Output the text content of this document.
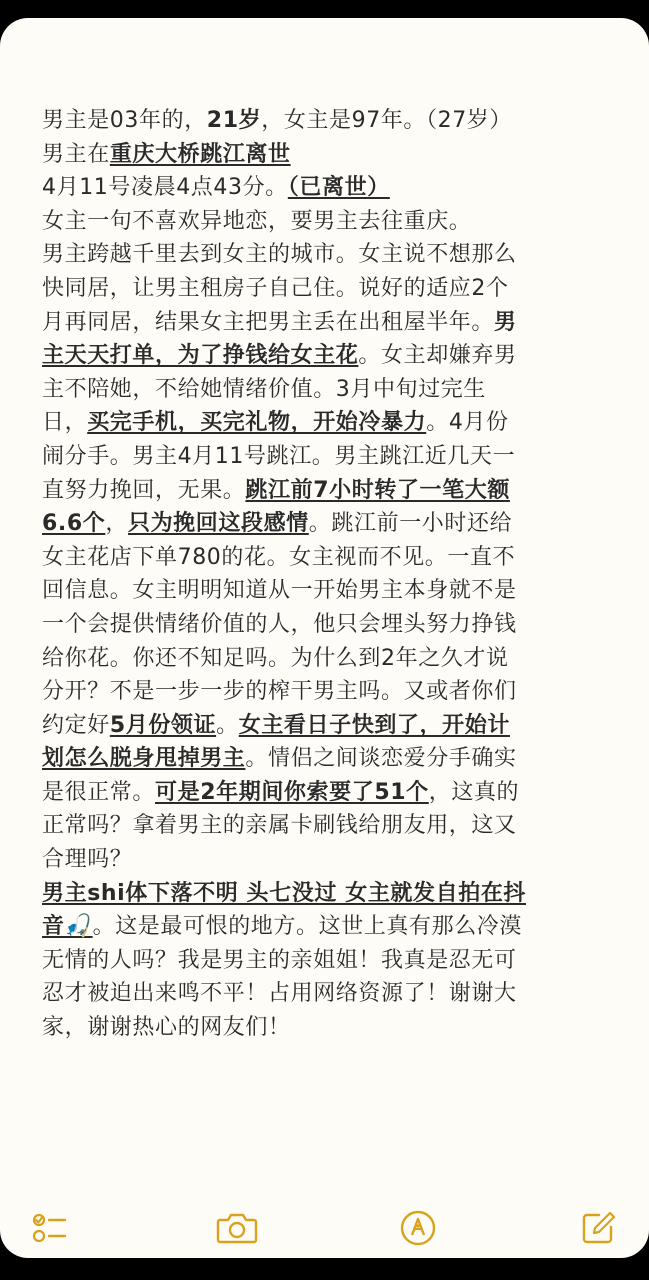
男主是03年的，21岁，女主是97年。（27岁）
男主在重庆大桥跳江离世
4月11号凌晨4点43分。（已离世）
女主一句不喜欢异地恋，要男主去往重庆。
男主跨越千里去到女主的城市。女主说不想那么
快同居，让男主租房子自己住。说好的适应2个
月再同居，结果女主把男主丢在出租屋半年。男
主天天打单，为了挣钱给女主花。女主却嫌弃男
主不陪她，不给她情绪价值。3月中旬过完生
日，买完手机，买完礼物，开始冷暴力。4月份
闹分手。男主4月11号跳江。男主跳江近几天一
直努力挽回，无果。跳江前7小时转了一笔大额
6.6个，只为挽回这段感情。跳江前一小时还给
女主花店下单780的花。女主视而不见。一直不
回信息。女主明明知道从一开始男主本身就不是
一个会提供情绪价值的人，他只会埋头努力挣钱
给你花。你还不知足吗。为什么到2年之久才说
分开？不是一步一步的榨干男主吗。又或者你们
约定好5月份领证。女主看日子快到了，开始计
划怎么脱身甩掉男主。情侣之间谈恋爱分手确实
是很正常。可是2年期间你索要了51个，这真的
正常吗？拿着男主的亲属卡刷钱给朋友用，这又
合理吗？
男主shi体下落不明 头七没过 女主就发自拍在抖
音🎣。这是最可恨的地方。这世上真有那么冷漠
无情的人吗？我是男主的亲姐姐！我真是忍无可
忍才被迫出来鸣不平！占用网络资源了！谢谢大
家，谢谢热心的网友们！
